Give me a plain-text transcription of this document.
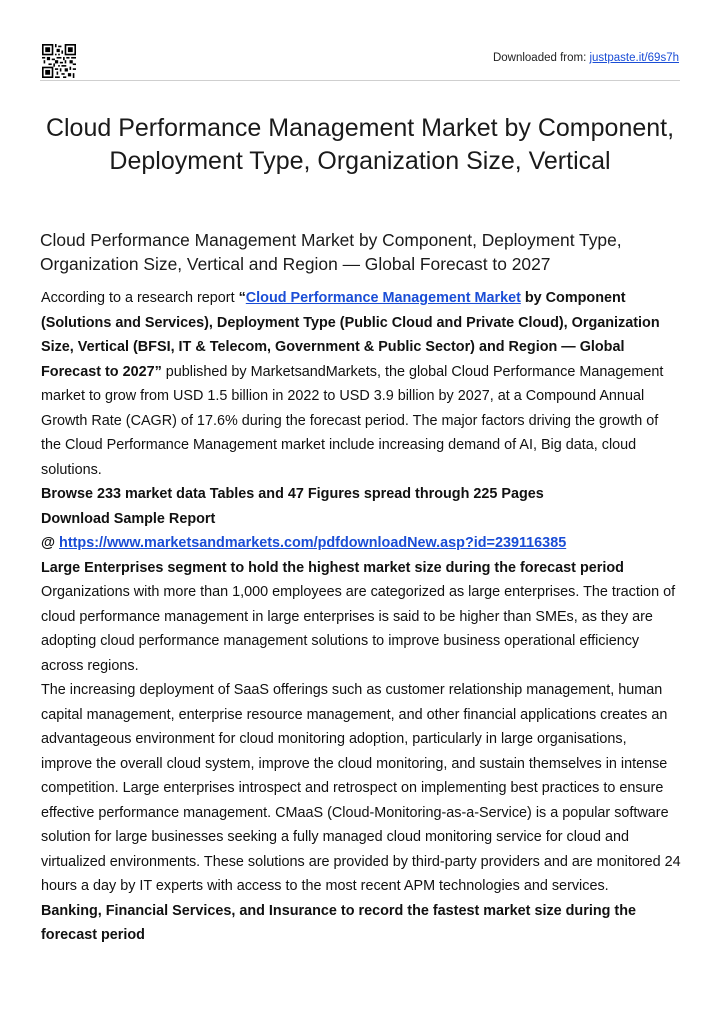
Downloaded from: justpaste.it/69s7h
Cloud Performance Management Market by Component, Deployment Type, Organization Size, Vertical
Cloud Performance Management Market by Component, Deployment Type, Organization Size, Vertical and Region — Global Forecast to 2027

According to a research report “Cloud Performance Management Market by Component (Solutions and Services), Deployment Type (Public Cloud and Private Cloud), Organization Size, Vertical (BFSI, IT & Telecom, Government & Public Sector) and Region — Global Forecast to 2027” published by MarketsandMarkets, the global Cloud Performance Management market to grow from USD 1.5 billion in 2022 to USD 3.9 billion by 2027, at a Compound Annual Growth Rate (CAGR) of 17.6% during the forecast period. The major factors driving the growth of the Cloud Performance Management market include increasing demand of AI, Big data, cloud solutions.

Browse 233 market data Tables and 47 Figures spread through 225 Pages

Download Sample Report

@ https://www.marketsandmarkets.com/pdfdownloadNew.asp?id=239116385

Large Enterprises segment to hold the highest market size during the forecast period

Organizations with more than 1,000 employees are categorized as large enterprises. The traction of cloud performance management in large enterprises is said to be higher than SMEs, as they are adopting cloud performance management solutions to improve business operational efficiency across regions.

The increasing deployment of SaaS offerings such as customer relationship management, human capital management, enterprise resource management, and other financial applications creates an advantageous environment for cloud monitoring adoption, particularly in large organisations, improve the overall cloud system, improve the cloud monitoring, and sustain themselves in intense competition. Large enterprises introspect and retrospect on implementing best practices to ensure effective performance management. CMaaS (Cloud-Monitoring-as-a-Service) is a popular software solution for large businesses seeking a fully managed cloud monitoring service for cloud and virtualized environments. These solutions are provided by third-party providers and are monitored 24 hours a day by IT experts with access to the most recent APM technologies and services.

Banking, Financial Services, and Insurance to record the fastest market size during the forecast period
